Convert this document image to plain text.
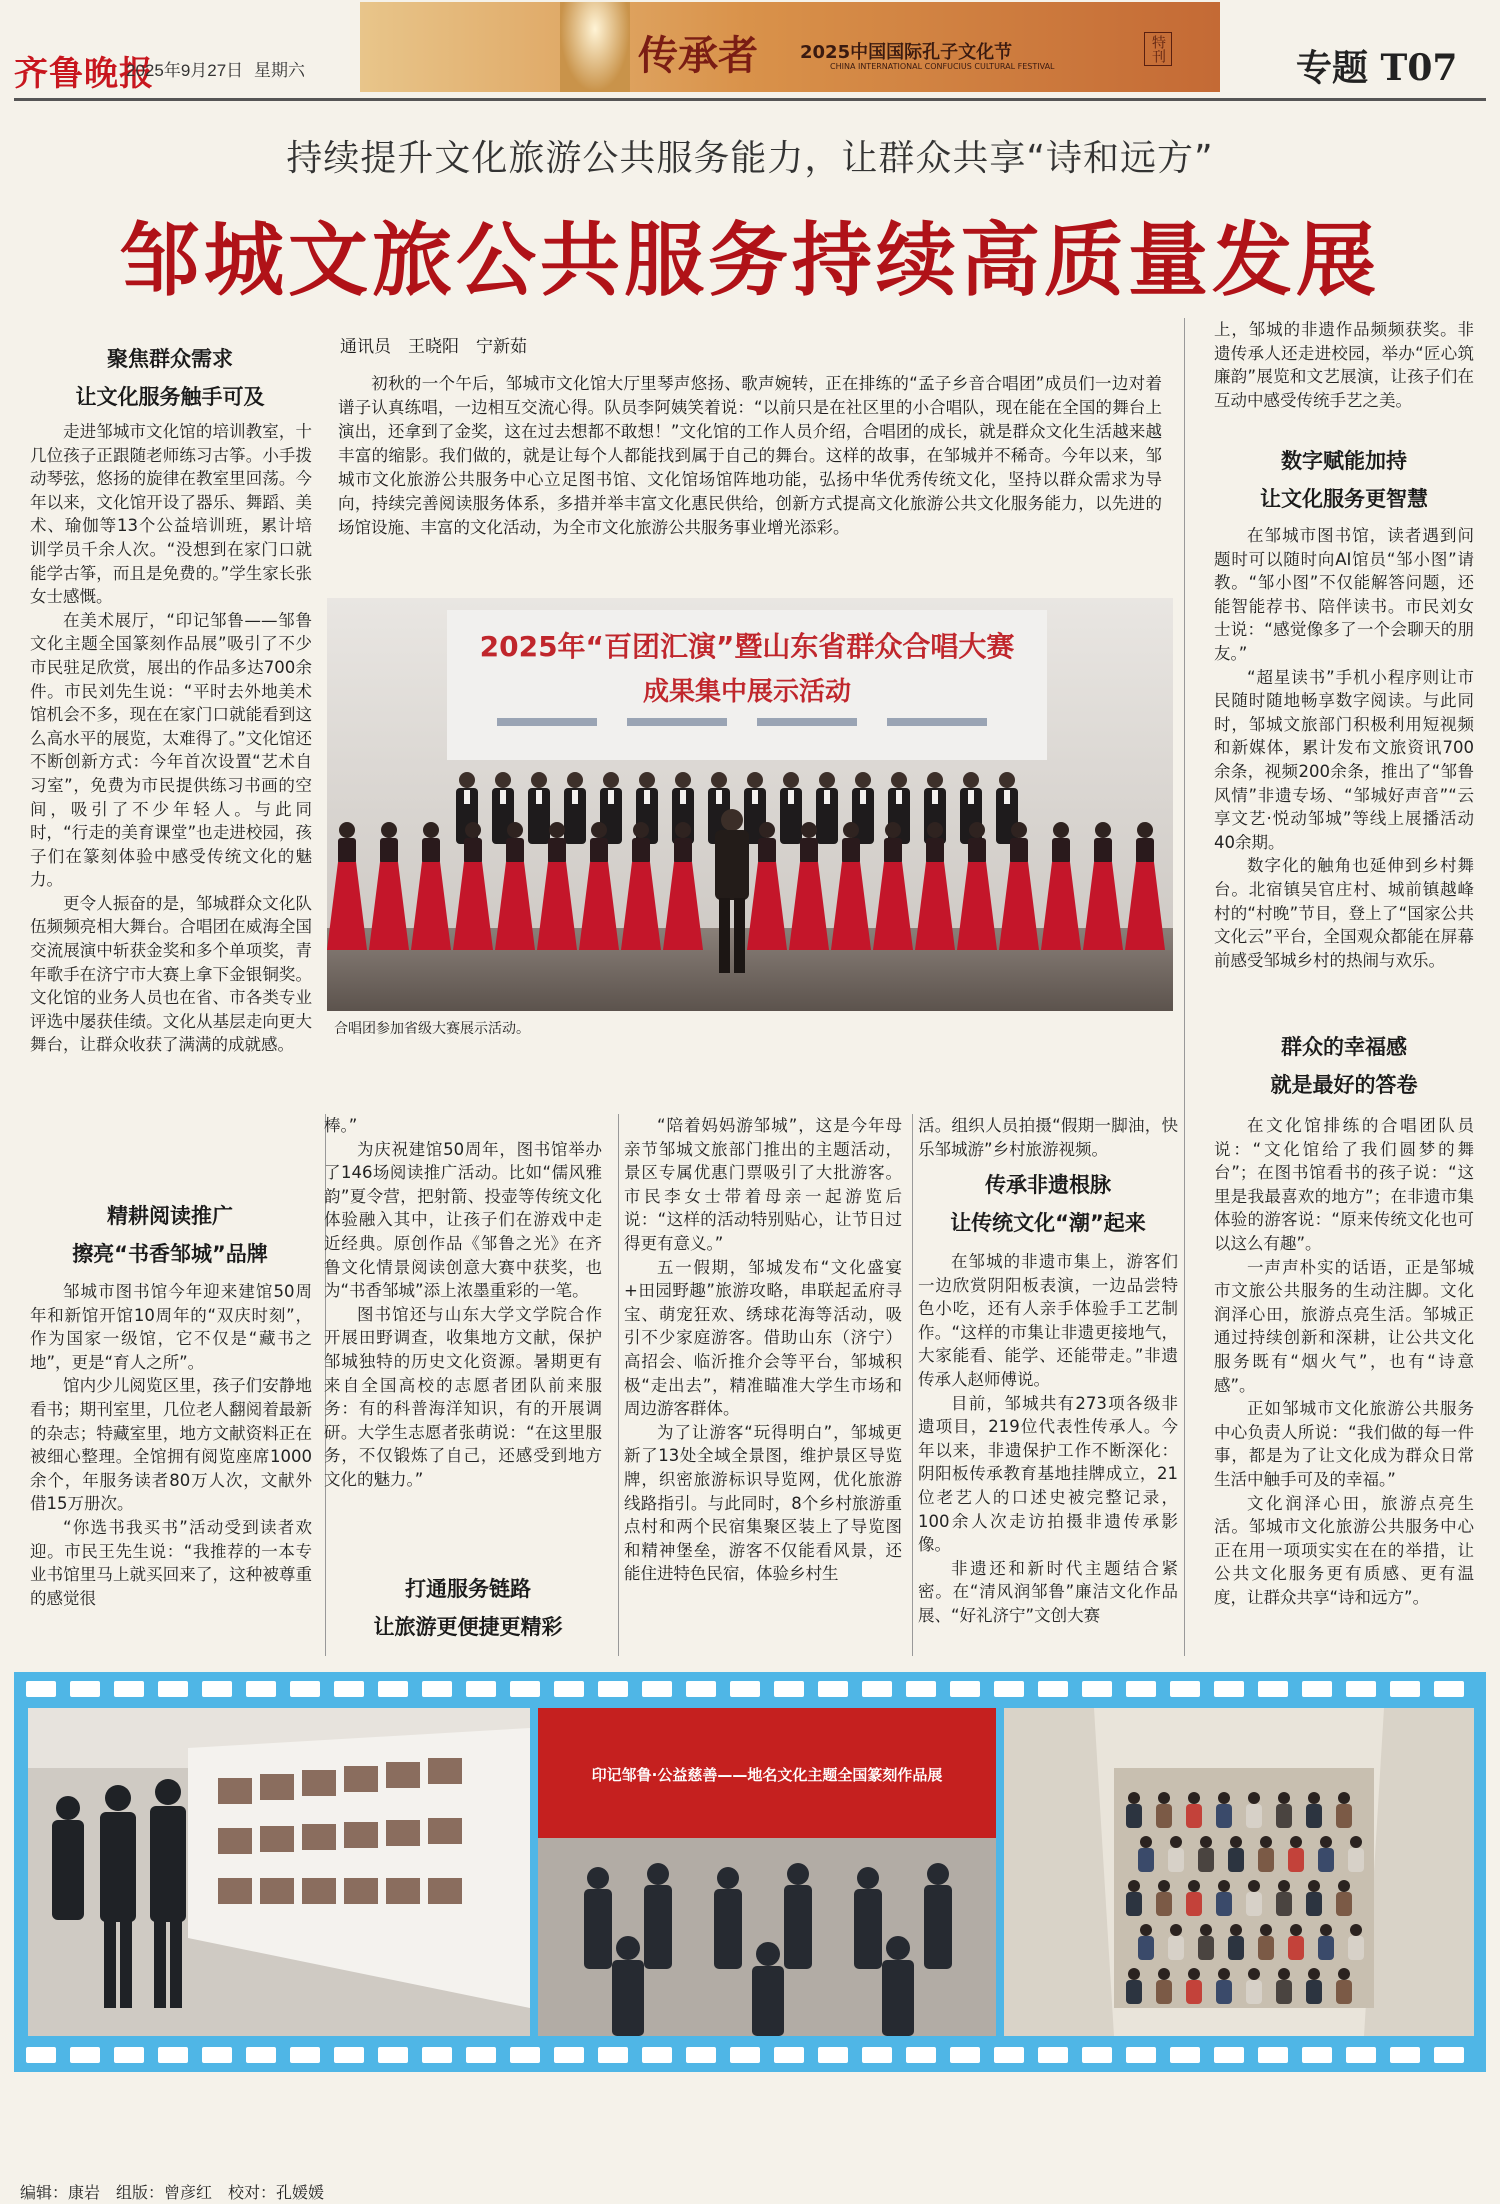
齐鲁晚报
2025年9月27日 星期六	传承者 2025中国国际孔子文化节
CHINA INTERNATIONAL CONFUCIUS CULTURAL FESTIVAL
特刊	专题 T07
持续提升文化旅游公共服务能力，让群众共享“诗和远方”
邹城文旅公共服务持续高质量发展
聚焦群众需求
让文化服务触手可及

走进邹城市文化馆的培训教室，十几位孩子正跟随老师练习古筝。小手拨动琴弦，悠扬的旋律在教室里回荡。今年以来，文化馆开设了器乐、舞蹈、美术、瑜伽等13个公益培训班，累计培训学员千余人次。“没想到在家门口就能学古筝，而且是免费的。”学生家长张女士感慨。

在美术展厅，“印记邹鲁——邹鲁文化主题全国篆刻作品展”吸引了不少市民驻足欣赏，展出的作品多达700余件。市民刘先生说：“平时去外地美术馆机会不多，现在在家门口就能看到这么高水平的展览，太难得了。”文化馆还不断创新方式：今年首次设置“艺术自习室”，免费为市民提供练习书画的空间，吸引了不少年轻人。与此同时，“行走的美育课堂”也走进校园，孩子们在篆刻体验中感受传统文化的魅力。

更令人振奋的是，邹城群众文化队伍频频亮相大舞台。合唱团在威海全国交流展演中斩获金奖和多个单项奖，青年歌手在济宁市大赛上拿下金银铜奖。文化馆的业务人员也在省、市各类专业评选中屡获佳绩。文化从基层走向更大舞台，让群众收获了满满的成就感。

精耕阅读推广
擦亮“书香邹城”品牌

邹城市图书馆今年迎来建馆50周年和新馆开馆10周年的“双庆时刻”，作为国家一级馆，它不仅是“藏书之地”，更是“育人之所”。

馆内少儿阅览区里，孩子们安静地看书；期刊室里，几位老人翻阅着最新的杂志；特藏室里，地方文献资料正在被细心整理。全馆拥有阅览座席1000余个，年服务读者80万人次，文献外借15万册次。

“你选书我买书”活动受到读者欢迎。市民王先生说：“我推荐的一本专业书馆里马上就买回来了，这种被尊重的感觉很

通讯员　王晓阳　宁新茹
初秋的一个午后，邹城市文化馆大厅里琴声悠扬、歌声婉转，正在排练的“孟子乡音合唱团”成员们一边对着谱子认真练唱，一边相互交流心得。队员李阿姨笑着说：“以前只是在社区里的小合唱队，现在能在全国的舞台上演出，还拿到了金奖，这在过去想都不敢想！”文化馆的工作人员介绍，合唱团的成长，就是群众文化生活越来越丰富的缩影。我们做的，就是让每个人都能找到属于自己的舞台。这样的故事，在邹城并不稀奇。今年以来，邹城市文化旅游公共服务中心立足图书馆、文化馆场馆阵地功能，弘扬中华优秀传统文化，坚持以群众需求为导向，持续完善阅读服务体系，多措并举丰富文化惠民供给，创新方式提高文化旅游公共文化服务能力，以先进的场馆设施、丰富的文化活动，为全市文化旅游公共服务事业增光添彩。
2025年“百团汇演”暨山东省群众合唱大赛
成果集中展示活动
合唱团参加省级大赛展示活动。

棒。”

为庆祝建馆50周年，图书馆举办了146场阅读推广活动。比如“儒风雅韵”夏令营，把射箭、投壶等传统文化体验融入其中，让孩子们在游戏中走近经典。原创作品《邹鲁之光》在齐鲁文化情景阅读创意大赛中获奖，也为“书香邹城”添上浓墨重彩的一笔。

图书馆还与山东大学文学院合作开展田野调查，收集地方文献，保护邹城独特的历史文化资源。暑期更有来自全国高校的志愿者团队前来服务：有的科普海洋知识，有的开展调研。大学生志愿者张萌说：“在这里服务，不仅锻炼了自己，还感受到地方文化的魅力。”

打通服务链路
让旅游更便捷更精彩

“陪着妈妈游邹城”，这是今年母亲节邹城文旅部门推出的主题活动，景区专属优惠门票吸引了大批游客。市民李女士带着母亲一起游览后说：“这样的活动特别贴心，让节日过得更有意义。”

五一假期，邹城发布“文化盛宴+田园野趣”旅游攻略，串联起孟府寻宝、萌宠狂欢、绣球花海等活动，吸引不少家庭游客。借助山东（济宁）高招会、临沂推介会等平台，邹城积极“走出去”，精准瞄准大学生市场和周边游客群体。

为了让游客“玩得明白”，邹城更新了13处全域全景图，维护景区导览牌，织密旅游标识导览网，优化旅游线路指引。与此同时，8个乡村旅游重点村和两个民宿集聚区装上了导览图和精神堡垒，游客不仅能看风景，还能住进特色民宿，体验乡村生

活。组织人员拍摄“假期一脚油，快乐邹城游”乡村旅游视频。

传承非遗根脉
让传统文化“潮”起来

在邹城的非遗市集上，游客们一边欣赏阴阳板表演，一边品尝特色小吃，还有人亲手体验手工艺制作。“这样的市集让非遗更接地气，大家能看、能学、还能带走。”非遗传承人赵师傅说。

目前，邹城共有273项各级非遗项目，219位代表性传承人。今年以来，非遗保护工作不断深化：阴阳板传承教育基地挂牌成立，21位老艺人的口述史被完整记录，100余人次走访拍摄非遗传承影像。

非遗还和新时代主题结合紧密。在“清风润邹鲁”廉洁文化作品展、“好礼济宁”文创大赛

上，邹城的非遗作品频频获奖。非遗传承人还走进校园，举办“匠心筑廉韵”展览和文艺展演，让孩子们在互动中感受传统手艺之美。

数字赋能加持
让文化服务更智慧

在邹城市图书馆，读者遇到问题时可以随时向AI馆员“邹小图”请教。“邹小图”不仅能解答问题，还能智能荐书、陪伴读书。市民刘女士说：“感觉像多了一个会聊天的朋友。”

“超星读书”手机小程序则让市民随时随地畅享数字阅读。与此同时，邹城文旅部门积极利用短视频和新媒体，累计发布文旅资讯700余条，视频200余条，推出了“邹鲁风情”非遗专场、“邹城好声音”“云享文艺·悦动邹城”等线上展播活动40余期。

数字化的触角也延伸到乡村舞台。北宿镇吴官庄村、城前镇越峰村的“村晚”节目，登上了“国家公共文化云”平台，全国观众都能在屏幕前感受邹城乡村的热闹与欢乐。

群众的幸福感
就是最好的答卷

在文化馆排练的合唱团队员说：“文化馆给了我们圆梦的舞台”；在图书馆看书的孩子说：“这里是我最喜欢的地方”；在非遗市集体验的游客说：“原来传统文化也可以这么有趣”。

一声声朴实的话语，正是邹城市文旅公共服务的生动注脚。文化润泽心田，旅游点亮生活。邹城正通过持续创新和深耕，让公共文化服务既有“烟火气”，也有“诗意感”。

正如邹城市文化旅游公共服务中心负责人所说：“我们做的每一件事，都是为了让文化成为群众日常生活中触手可及的幸福。”

文化润泽心田，旅游点亮生活。邹城市文化旅游公共服务中心正在用一项项实实在在的举措，让公共文化服务更有质感、更有温度，让群众共享“诗和远方”。

印记邹鲁·公益慈善——地名文化主题全国篆刻作品展
编辑：康岩　组版：曾彦红　校对：孔媛媛
